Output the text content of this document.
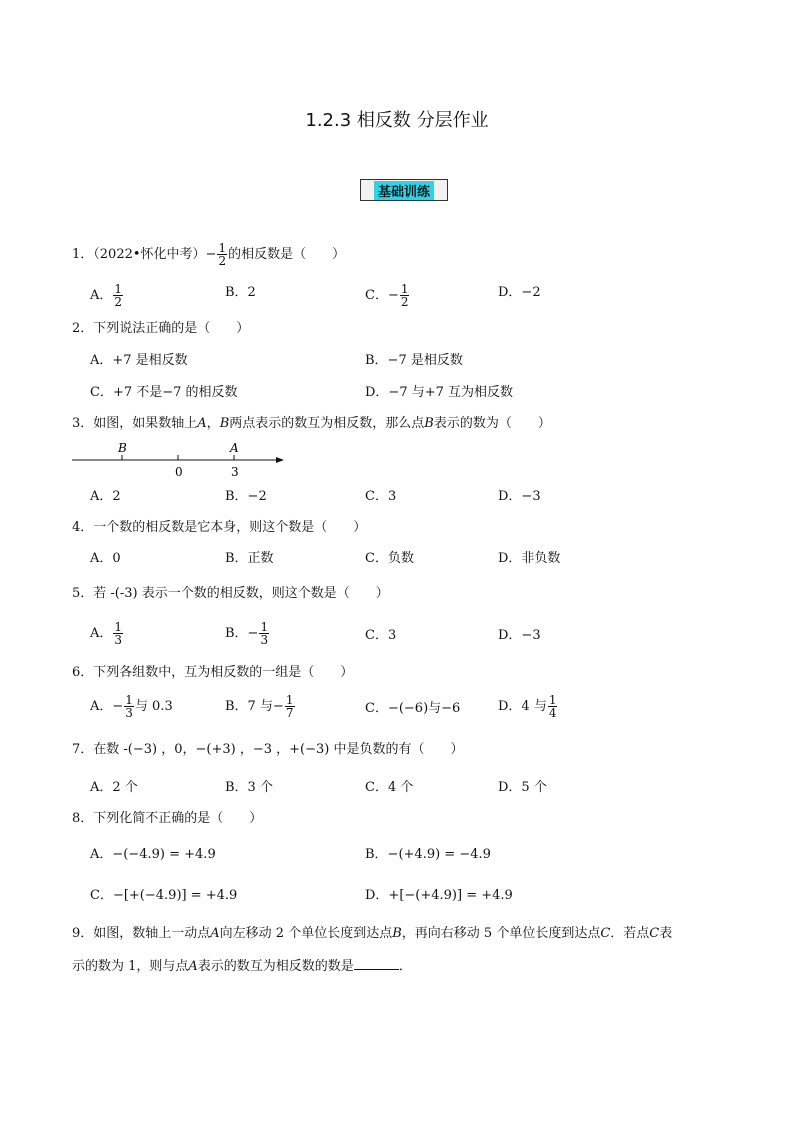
1.2.3 相反数 分层作业
基础训练
1．（2022•怀化中考）− $\frac{1}{2}$ 的相反数是（　　）
A． $\frac{1}{2}$	B．2	C．− $\frac{1}{2}$	D．−2
2．下列说法正确的是（　　）
A．+7 是相反数	B．−7 是相反数
C．+7 不是−7 的相反数	D．−7 与+7 互为相反数
3．如图，如果数轴上A，B两点表示的数互为相反数，那么点B表示的数为（　　）
B	A
0	3
A．2	B．−2	C．3	D．−3
4．一个数的相反数是它本身，则这个数是（　　）
A．0	B．正数	C．负数	D．非负数
5．若 -(-3) 表示一个数的相反数，则这个数是（　　）
A． $\frac{1}{3}$	B．− $\frac{1}{3}$	C．3	D．−3
6．下列各组数中，互为相反数的一组是（　　）
A．− $\frac{1}{3}$ 与 0.3	B．7 与− $\frac{1}{7}$	C．−(−6)与−6	D．4 与 $\frac{1}{4}$
7．在数 -(−3) ，0，−(+3) ，−3 ，+(−3) 中是负数的有（　　）
A．2 个	B．3 个	C．4 个	D．5 个
8．下列化简不正确的是（　　）
A．−(−4.9) = +4.9	B．−(+4.9) = −4.9
C．−[+(−4.9)] = +4.9	D．+[−(+4.9)] = +4.9
9．如图，数轴上一动点A向左移动 2 个单位长度到达点B，再向右移动 5 个单位长度到达点C．若点C表
示的数为 1，则与点A表示的数互为相反数的数是	．
